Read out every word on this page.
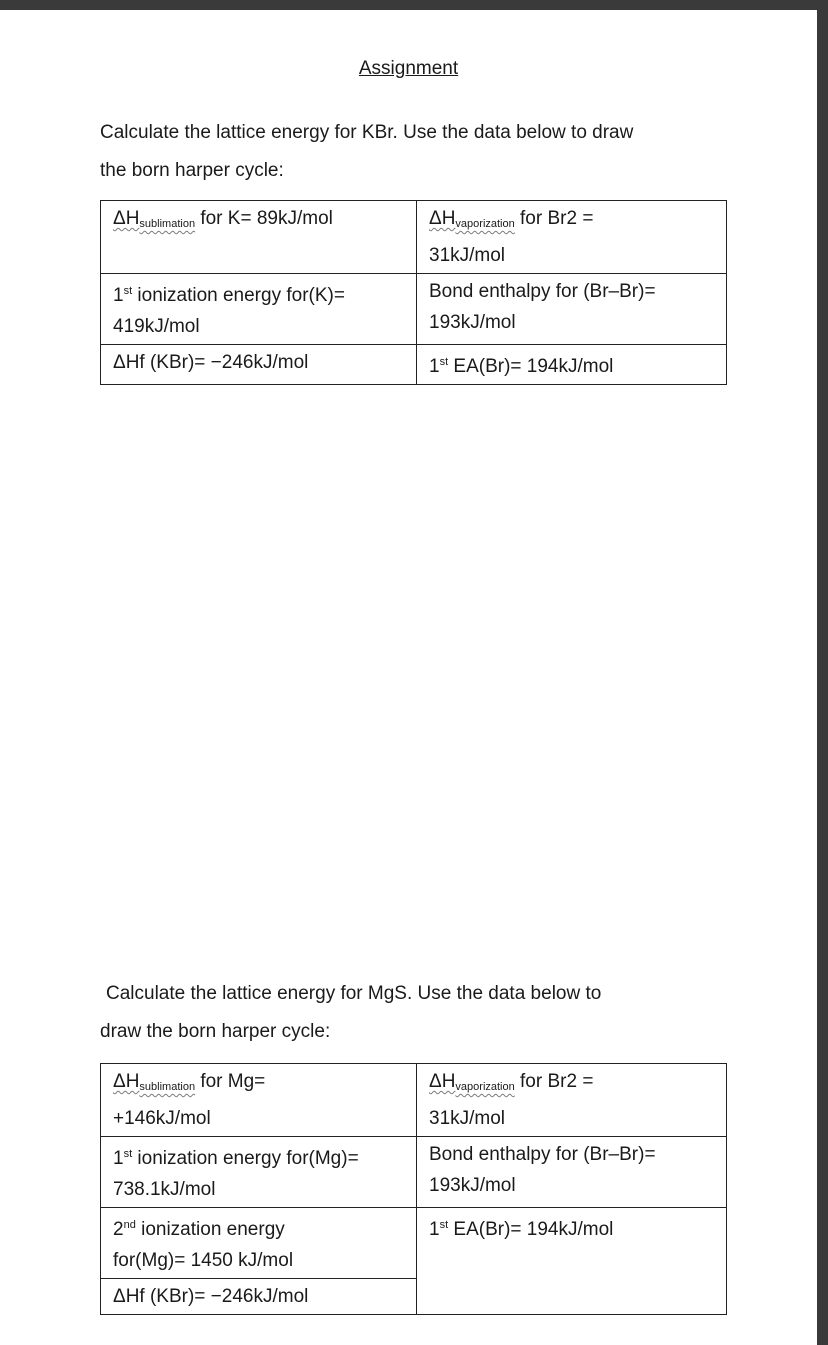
Assignment
Calculate the lattice energy for KBr. Use the data below to draw
the born harper cycle:
$\Delta H_{sublimation}$ for K= 89kJ/mol	$\Delta H_{vaporization}$ for Br2 =
31kJ/mol
1st ionization energy for(K)=
419kJ/mol	Bond enthalpy for (Br–Br)=
193kJ/mol
ΔHf (KBr)= −246kJ/mol	1st EA(Br)= 194kJ/mol
Calculate the lattice energy for MgS. Use the data below to
draw the born harper cycle:
$\Delta H_{sublimation}$ for Mg=
+146kJ/mol	$\Delta H_{vaporization}$ for Br2 =
31kJ/mol
1st ionization energy for(Mg)=
738.1kJ/mol	Bond enthalpy for (Br–Br)=
193kJ/mol
2nd ionization energy
for(Mg)= 1450 kJ/mol	1st EA(Br)= 194kJ/mol
ΔHf (KBr)= −246kJ/mol	
